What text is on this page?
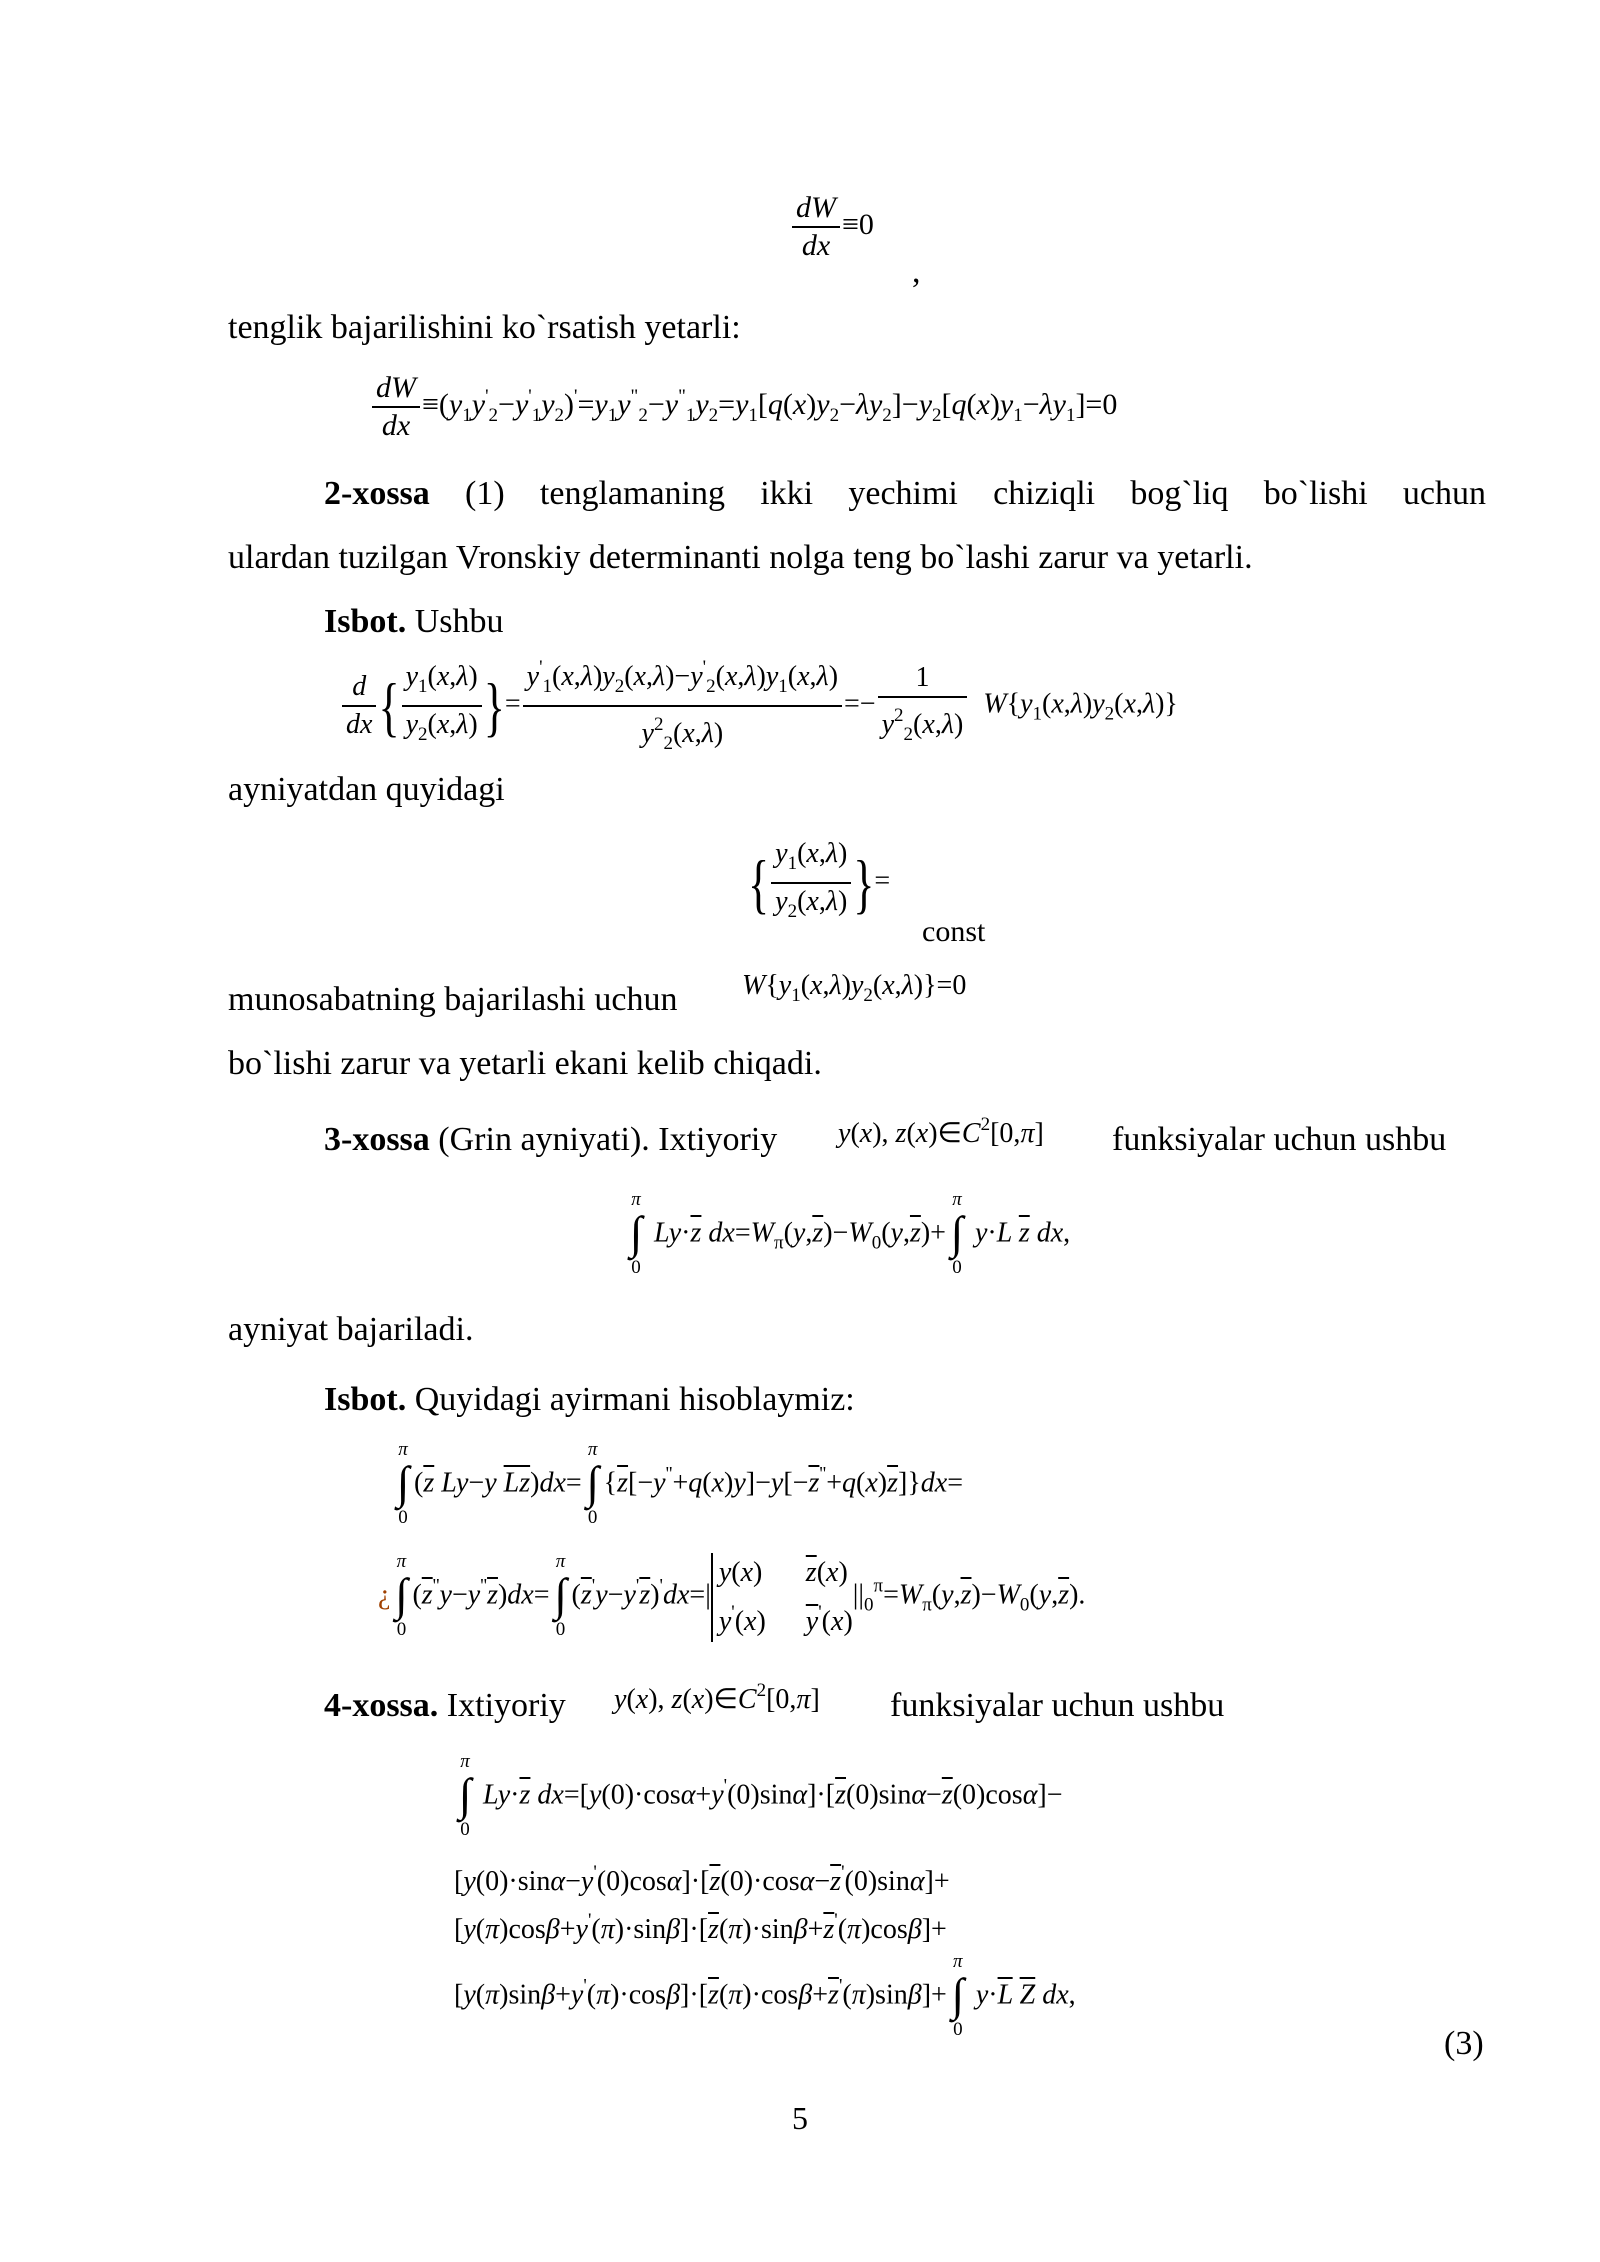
$\frac{dW}{dx} \equiv 0$
,
tenglik bajarilishini ko`rsatish yetarli:
$\frac{dW}{dx} \equiv(y_1y'_2-y'_1y_2)'=y_1y^"_2-y^"_1y_2=y_1[q(x)y_2-\lambda y_2]-y_2[q(x)y_1-\lambda y_1]=0$
2-xossa (1) tenglamaning ikki yechimi chiziqli bog`liq bo`lishi uchun
ulardan tuzilgan Vronskiy determinanti nolga teng bo`lashi zarur va yetarli.
Isbot. Ushbu
$\frac{d}{dx}$ { $\frac{y_1(x,\lambda)}{y_2(x,\lambda)}$ }= $\frac{y'_1(x,\lambda)y_2(x,\lambda)-y'_2(x,\lambda)y_1(x,\lambda)}{y^2_2(x,\lambda)} =- \frac{1}{y^2_2(x,\lambda)} W\{y_1(x,\lambda)y_2(x,\lambda)\}$
ayniyatdan quyidagi
{ $\frac{y_1(x,\lambda)}{y_2(x,\lambda)}$ }=
const
munosabatning bajarilashi uchun $W\{y_1(x,\lambda)y_2(x,\lambda)\}=0$
bo`lishi zarur va yetarli ekani kelib chiqadi.
3-xossa (Grin ayniyati). Ixtiyoriy y(x), $z(x)\in C^2[0,\pi]$ funksiyalar uchun ushbu
π
∫
0
$Ly\cdot\overline{z}$ $dx=W_\pi(y,\overline{z})-W_0(y,\overline{z})+$
π
∫
0
y·L $\overline{z}$ dx,
ayniyat bajariladi.
Isbot. Quyidagi ayirmani hisoblaymiz:
π
∫
0
($\overline{z}$ Ly−y $\overline{Lz})dx=$
π
∫
0
$\{\overline{z}[-y''+q(x)y]-y[-\overline{z}''+q(x)\overline{z}]\}dx=$
¿
π
∫
0
$(\overline{z}''y-y''\overline{z})dx=$
π
∫
0
$(\overline{z}'y-y'\overline{z})'dx=|$
y(x) $\overline{z}(x)$
y'(x) $\overline{y}'(x)$
$||_0^\pi=W_\pi(y,\overline{z})-W_0(y,\overline{z})$.
4-xossa. Ixtiyoriy y(x), $z(x)\in C^2[0,\pi]$ funksiyalar uchun ushbu
π
∫
0
$Ly\cdot\overline{z}$ $dx=[y(0)\cdot\cos\alpha+y'(0)\sin\alpha]\cdot[\overline{z}(0)\sin\alpha-\overline{z}(0)\cos\alpha]-$
$[y(0)\cdot\sin\alpha-y'(0)\cos\alpha]\cdot[\overline{z}(0)\cdot\cos\alpha-\overline{z}'(0)\sin\alpha]+$
$[y(\pi)\cos\beta+y'(\pi)\cdot\sin\beta]\cdot[\overline{z}(\pi)\cdot\sin\beta+\overline{z}'(\pi)\cos\beta]+$
$[y(\pi)\sin\beta+y'(\pi)\cdot\cos\beta]\cdot[\overline{z}(\pi)\cdot\cos\beta+\overline{z}'(\pi)\sin\beta]+$
π
∫
0
$y\cdot\overline{L}$ $\overline{Z}$ dx,
(3)
5
